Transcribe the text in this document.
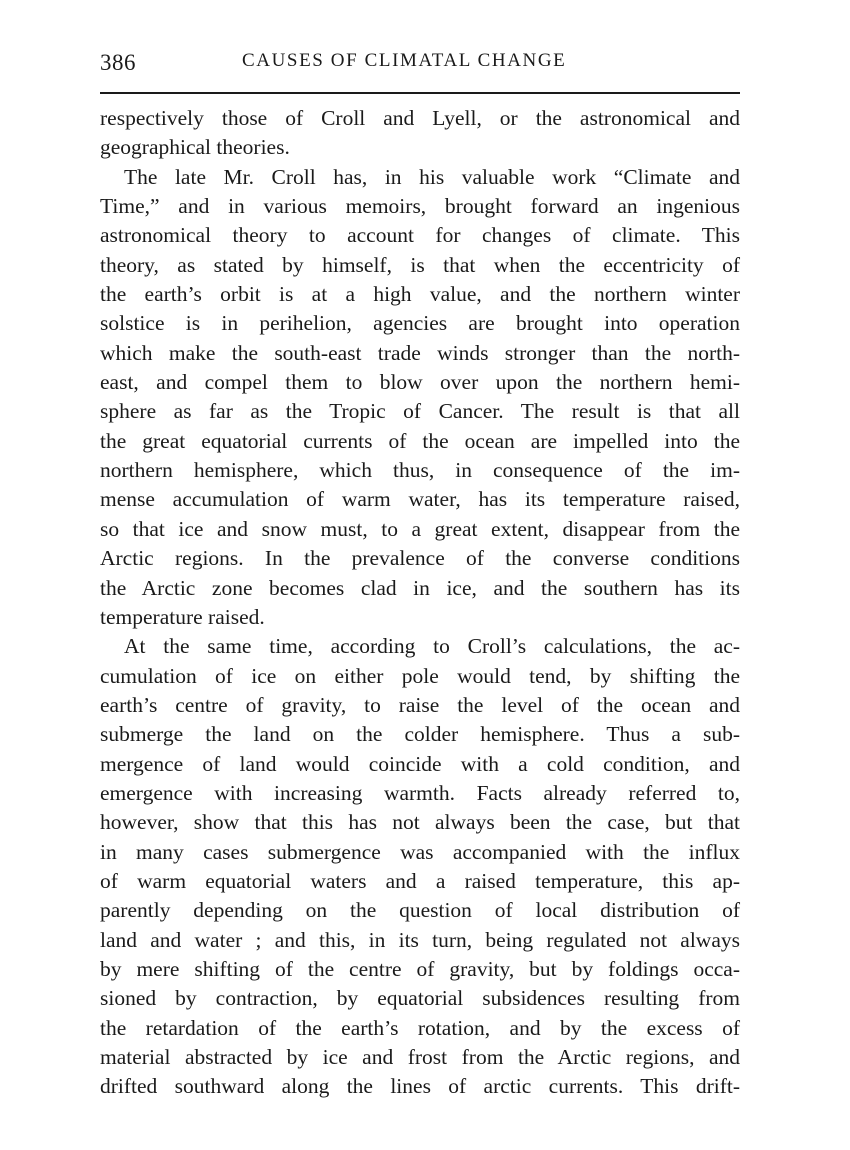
386	CAUSES OF CLIMATAL CHANGE
respectively those of Croll and Lyell, or the astronomical and
geographical theories.
The late Mr. Croll has, in his valuable work “Climate and
Time,” and in various memoirs, brought forward an ingenious
astronomical theory to account for changes of climate. This
theory, as stated by himself, is that when the eccentricity of
the earth’s orbit is at a high value, and the northern winter
solstice is in perihelion, agencies are brought into operation
which make the south-east trade winds stronger than the north-
east, and compel them to blow over upon the northern hemi-
sphere as far as the Tropic of Cancer. The result is that all
the great equatorial currents of the ocean are impelled into the
northern hemisphere, which thus, in consequence of the im-
mense accumulation of warm water, has its temperature raised,
so that ice and snow must, to a great extent, disappear from the
Arctic regions. In the prevalence of the converse conditions
the Arctic zone becomes clad in ice, and the southern has its
temperature raised.
At the same time, according to Croll’s calculations, the ac-
cumulation of ice on either pole would tend, by shifting the
earth’s centre of gravity, to raise the level of the ocean and
submerge the land on the colder hemisphere. Thus a sub-
mergence of land would coincide with a cold condition, and
emergence with increasing warmth. Facts already referred to,
however, show that this has not always been the case, but that
in many cases submergence was accompanied with the influx
of warm equatorial waters and a raised temperature, this ap-
parently depending on the question of local distribution of
land and water ; and this, in its turn, being regulated not always
by mere shifting of the centre of gravity, but by foldings occa-
sioned by contraction, by equatorial subsidences resulting from
the retardation of the earth’s rotation, and by the excess of
material abstracted by ice and frost from the Arctic regions, and
drifted southward along the lines of arctic currents. This drift-
